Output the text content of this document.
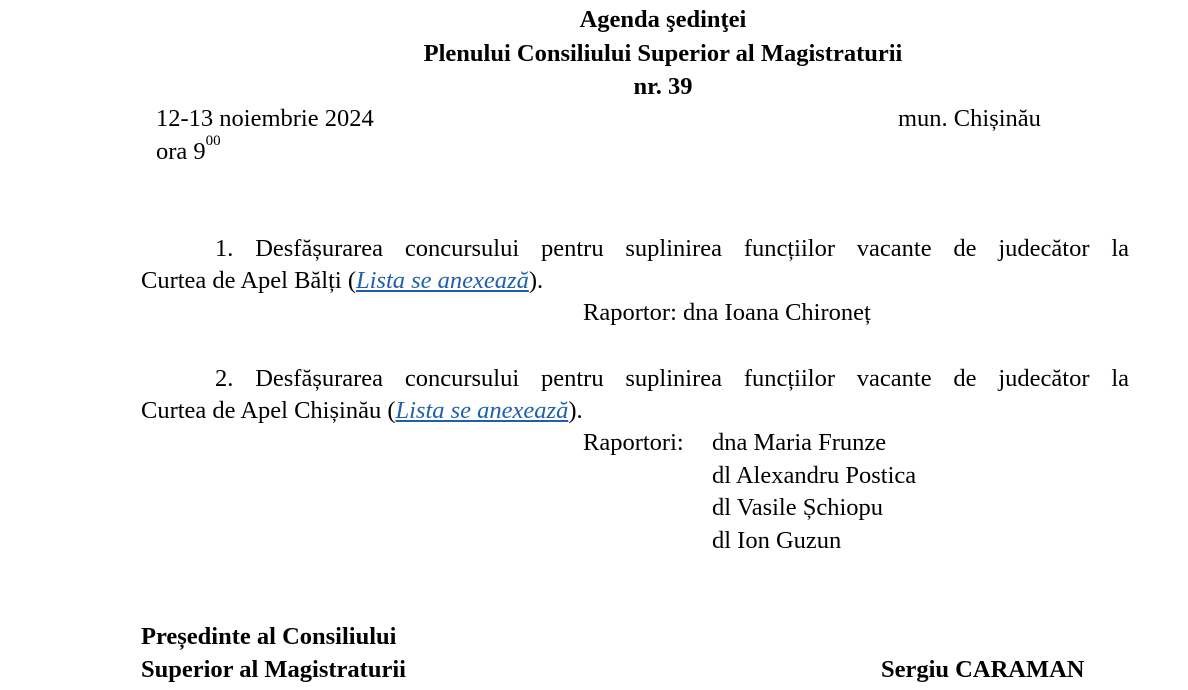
Agenda şedinţei
Plenului Consiliului Superior al Magistraturii
nr. 39
12-13 noiembrie 2024	mun. Chișinău
ora $9^{00}$
1. Desfășurarea concursului pentru suplinirea funcțiilor vacante de judecător la
Curtea de Apel Bălți (Lista se anexează).
Raportor: dna Ioana Chironeț
2. Desfășurarea concursului pentru suplinirea funcțiilor vacante de judecător la
Curtea de Apel Chișinău (Lista se anexează).
Raportori: dna Maria Frunze
dl Alexandru Postica
dl Vasile Șchiopu
dl Ion Guzun
Președinte al Consiliului
Superior al Magistraturii	Sergiu CARAMAN
